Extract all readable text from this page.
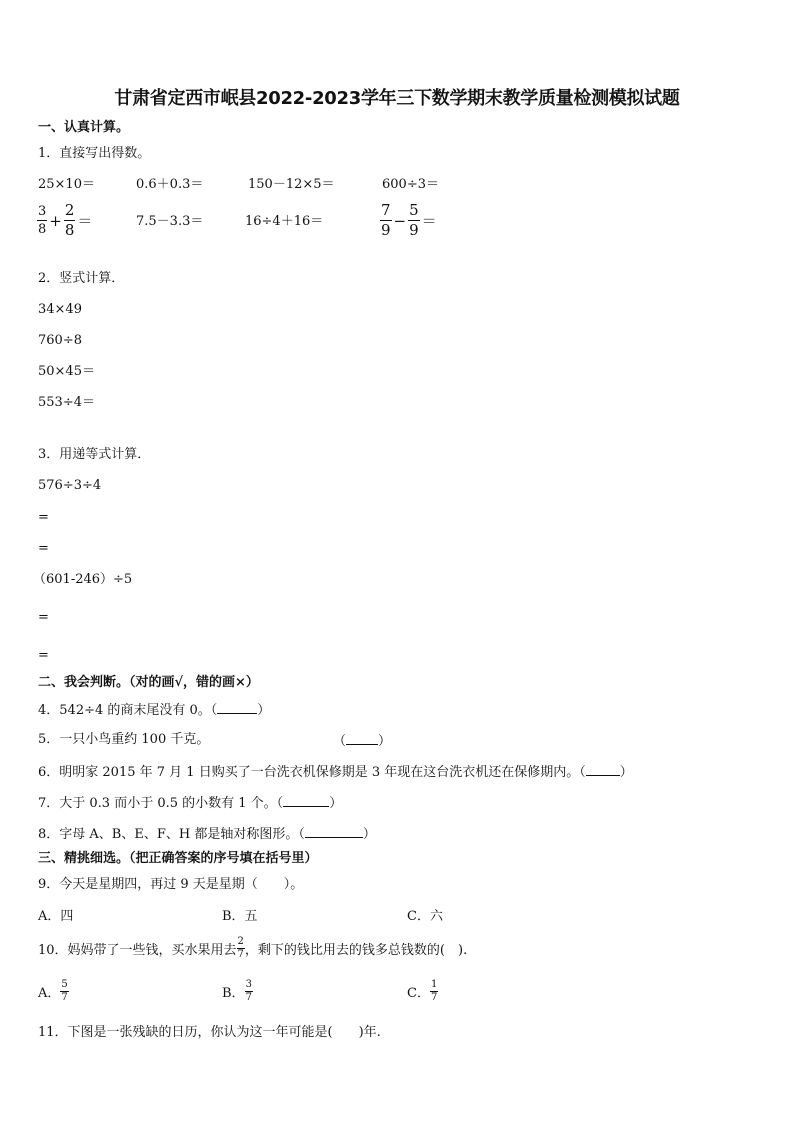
甘肃省定西市岷县2022-2023学年三下数学期末教学质量检测模拟试题
一、认真计算。
1．直接写出得数。
25×10＝	0.6＋0.3＝	150－12×5＝	600÷3＝
$\frac{3}{8} + \frac{2}{8}$ ＝	7.5－3.3＝	16÷4＋16＝	$\frac{7}{9} - \frac{5}{9}$ ＝
2．竖式计算．
34×49
760÷8
50×45＝
553÷4＝
3．用递等式计算．
576÷3÷4
=
=
（601-246）÷5
=
=
二、我会判断。（对的画√，错的画×）
4．542÷4 的商末尾没有 0。（	）
5．一只小鸟重约 100 千克。	（ ）
6．明明家 2015 年 7 月 1 日购买了一台洗衣机保修期是 3 年现在这台洗衣机还在保修期内。（	）
7．大于 0.3 而小于 0.5 的小数有 1 个。（	）
8．字母 A、B、E、F、H 都是轴对称图形。（	）
三、精挑细选。（把正确答案的序号填在括号里）
9．今天是星期四，再过 9 天是星期（　　）。
A．四	B．五	C．六
10．妈妈带了一些钱，买水果用去 $\frac{2}{7}$ ，剩下的钱比用去的钱多总钱数的(　).
A． $\frac{5}{7}$	B． $\frac{3}{7}$	C． $\frac{1}{7}$
11．下图是一张残缺的日历，你认为这一年可能是(　　)年.
